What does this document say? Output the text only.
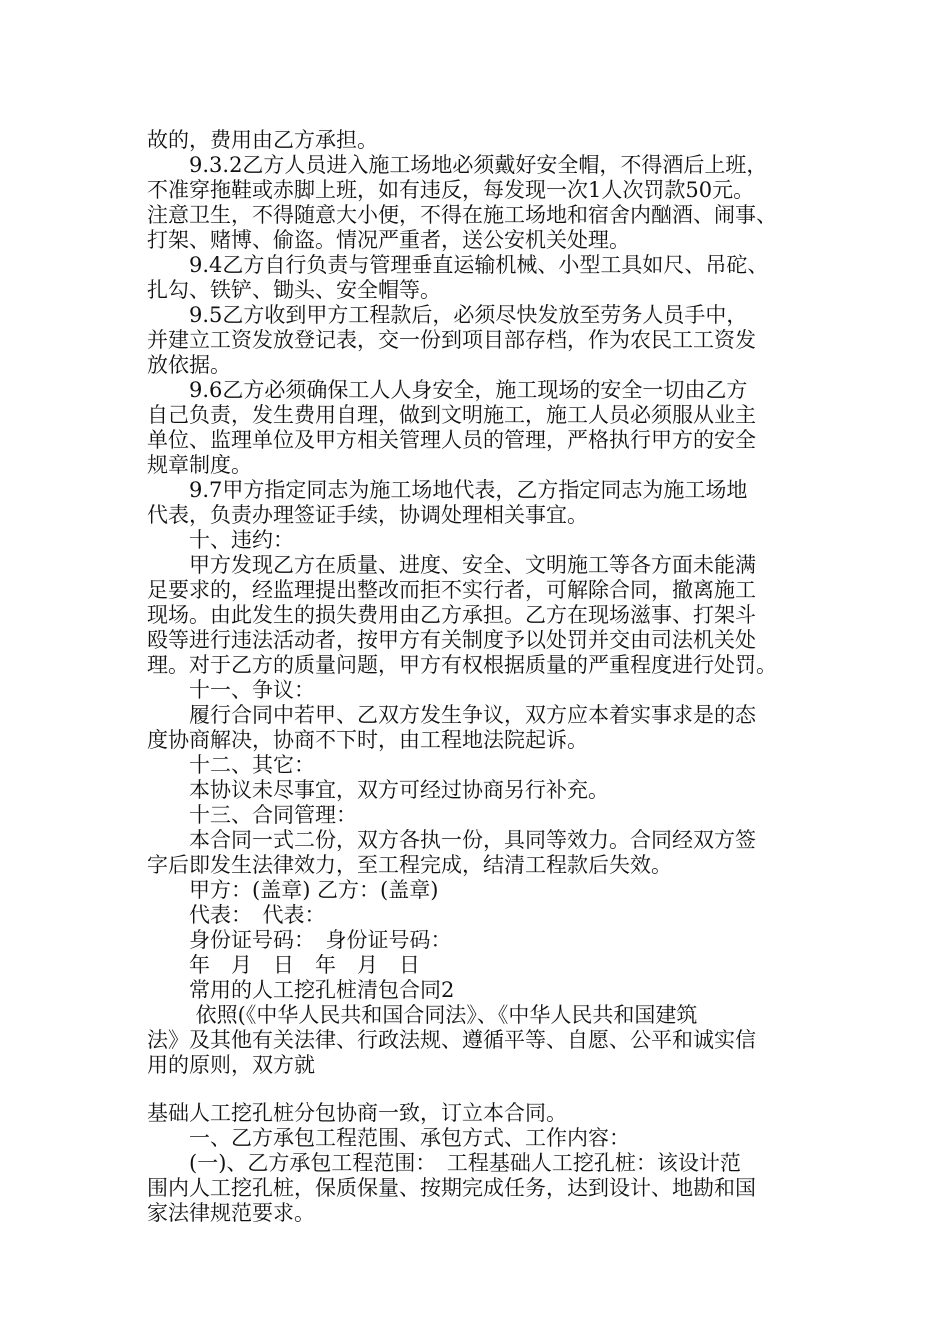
故的，费用由乙方承担。

　　9.3.2乙方人员进入施工场地必须戴好安全帽，不得酒后上班，

不准穿拖鞋或赤脚上班，如有违反，每发现一次1人次罚款50元。

注意卫生，不得随意大小便，不得在施工场地和宿舍内酗酒、闹事、

打架、赌博、偷盗。情况严重者，送公安机关处理。

　　9.4乙方自行负责与管理垂直运输机械、小型工具如尺、吊砣、

扎勾、铁铲、锄头、安全帽等。

　　9.5乙方收到甲方工程款后，必须尽快发放至劳务人员手中，

并建立工资发放登记表，交一份到项目部存档，作为农民工工资发

放依据。

　　9.6乙方必须确保工人人身安全，施工现场的安全一切由乙方

自己负责，发生费用自理，做到文明施工，施工人员必须服从业主

单位、监理单位及甲方相关管理人员的管理，严格执行甲方的安全

规章制度。

　　9.7甲方指定同志为施工场地代表，乙方指定同志为施工场地

代表，负责办理签证手续，协调处理相关事宜。

　　十、违约：

　　甲方发现乙方在质量、进度、安全、文明施工等各方面未能满

足要求的，经监理提出整改而拒不实行者，可解除合同，撤离施工

现场。由此发生的损失费用由乙方承担。乙方在现场滋事、打架斗

殴等进行违法活动者，按甲方有关制度予以处罚并交由司法机关处

理。对于乙方的质量问题，甲方有权根据质量的严重程度进行处罚。

　　十一、争议：

　　履行合同中若甲、乙双方发生争议，双方应本着实事求是的态

度协商解决，协商不下时，由工程地法院起诉。

　　十二、其它：

　　本协议未尽事宜，双方可经过协商另行补充。

　　十三、合同管理：

　　本合同一式二份，双方各执一份，具同等效力。合同经双方签

字后即发生法律效力，至工程完成，结清工程款后失效。

　　甲方：(盖章) 乙方：(盖章)

　　代表：　代表：

　　身份证号码：　身份证号码：

　　年　月　日　年　月　日

　　常用的人工挖孔桩清包合同2

　　 依照(《中华人民共和国合同法》、《中华人民共和国建筑

法》及其他有关法律、行政法规、遵循平等、自愿、公平和诚实信

用的原则，双方就

基础人工挖孔桩分包协商一致，订立本合同。

　　一、乙方承包工程范围、承包方式、工作内容：

　　(一)、乙方承包工程范围：　工程基础人工挖孔桩：该设计范

围内人工挖孔桩，保质保量、按期完成任务，达到设计、地勘和国

家法律规范要求。
